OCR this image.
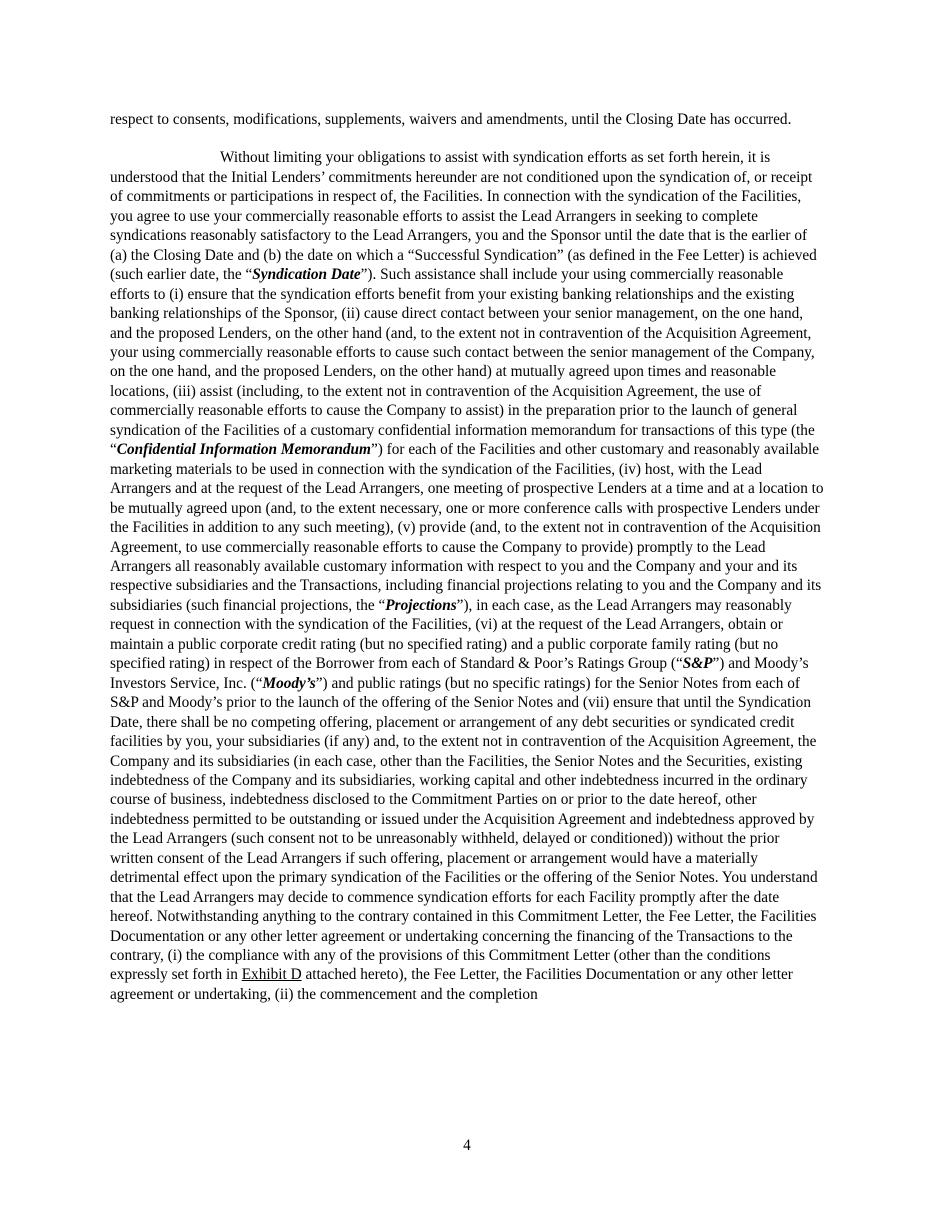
respect to consents, modifications, supplements, waivers and amendments, until the Closing Date has occurred.

Without limiting your obligations to assist with syndication efforts as set forth herein, it is understood that the Initial Lenders’ commitments hereunder are not conditioned upon the syndication of, or receipt of commitments or participations in respect of, the Facilities. In connection with the syndication of the Facilities, you agree to use your commercially reasonable efforts to assist the Lead Arrangers in seeking to complete syndications reasonably satisfactory to the Lead Arrangers, you and the Sponsor until the date that is the earlier of (a) the Closing Date and (b) the date on which a “Successful Syndication” (as defined in the Fee Letter) is achieved (such earlier date, the “Syndication Date”). Such assistance shall include your using commercially reasonable efforts to (i) ensure that the syndication efforts benefit from your existing banking relationships and the existing banking relationships of the Sponsor, (ii) cause direct contact between your senior management, on the one hand, and the proposed Lenders, on the other hand (and, to the extent not in contravention of the Acquisition Agreement, your using commercially reasonable efforts to cause such contact between the senior management of the Company, on the one hand, and the proposed Lenders, on the other hand) at mutually agreed upon times and reasonable locations, (iii) assist (including, to the extent not in contravention of the Acquisition Agreement, the use of commercially reasonable efforts to cause the Company to assist) in the preparation prior to the launch of general syndication of the Facilities of a customary confidential information memorandum for transactions of this type (the “Confidential Information Memorandum”) for each of the Facilities and other customary and reasonably available marketing materials to be used in connection with the syndication of the Facilities, (iv) host, with the Lead Arrangers and at the request of the Lead Arrangers, one meeting of prospective Lenders at a time and at a location to be mutually agreed upon (and, to the extent necessary, one or more conference calls with prospective Lenders under the Facilities in addition to any such meeting), (v) provide (and, to the extent not in contravention of the Acquisition Agreement, to use commercially reasonable efforts to cause the Company to provide) promptly to the Lead Arrangers all reasonably available customary information with respect to you and the Company and your and its respective subsidiaries and the Transactions, including financial projections relating to you and the Company and its subsidiaries (such financial projections, the “Projections”), in each case, as the Lead Arrangers may reasonably request in connection with the syndication of the Facilities, (vi) at the request of the Lead Arrangers, obtain or maintain a public corporate credit rating (but no specified rating) and a public corporate family rating (but no specified rating) in respect of the Borrower from each of Standard & Poor’s Ratings Group (“S&P”) and Moody’s Investors Service, Inc. (“Moody’s”) and public ratings (but no specific ratings) for the Senior Notes from each of S&P and Moody’s prior to the launch of the offering of the Senior Notes and (vii) ensure that until the Syndication Date, there shall be no competing offering, placement or arrangement of any debt securities or syndicated credit facilities by you, your subsidiaries (if any) and, to the extent not in contravention of the Acquisition Agreement, the Company and its subsidiaries (in each case, other than the Facilities, the Senior Notes and the Securities, existing indebtedness of the Company and its subsidiaries, working capital and other indebtedness incurred in the ordinary course of business, indebtedness disclosed to the Commitment Parties on or prior to the date hereof, other indebtedness permitted to be outstanding or issued under the Acquisition Agreement and indebtedness approved by the Lead Arrangers (such consent not to be unreasonably withheld, delayed or conditioned)) without the prior written consent of the Lead Arrangers if such offering, placement or arrangement would have a materially detrimental effect upon the primary syndication of the Facilities or the offering of the Senior Notes. You understand that the Lead Arrangers may decide to commence syndication efforts for each Facility promptly after the date hereof. Notwithstanding anything to the contrary contained in this Commitment Letter, the Fee Letter, the Facilities Documentation or any other letter agreement or undertaking concerning the financing of the Transactions to the contrary, (i) the compliance with any of the provisions of this Commitment Letter (other than the conditions expressly set forth in Exhibit D attached hereto), the Fee Letter, the Facilities Documentation or any other letter agreement or undertaking, (ii) the commencement and the completion

4
